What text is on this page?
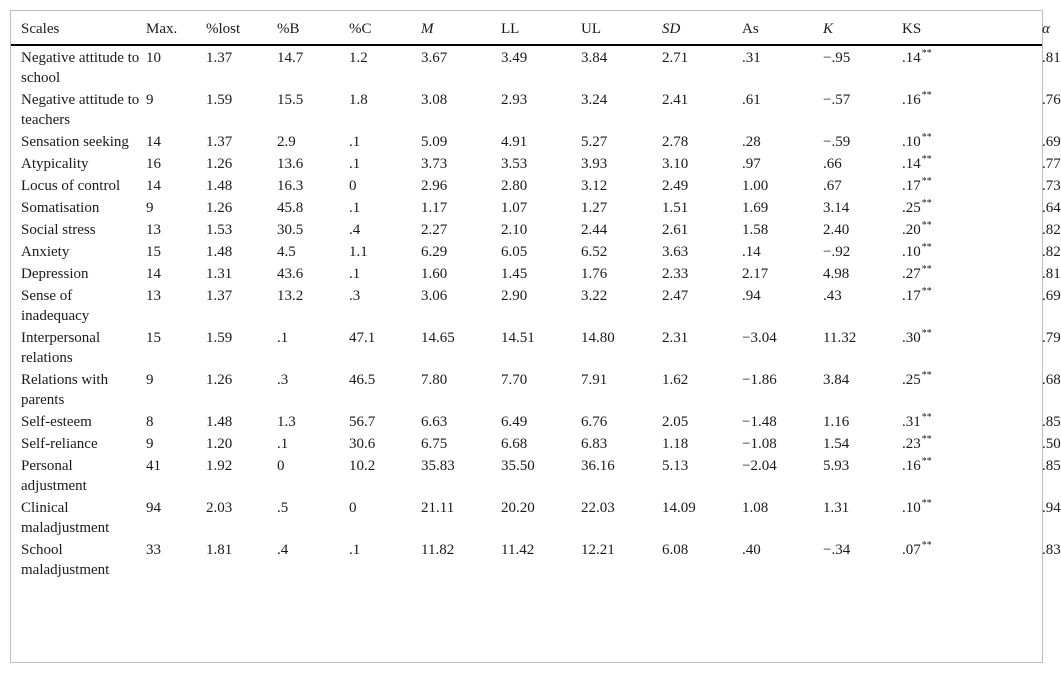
Scales	Max.	%lost	%B	%C	M	LL	UL	SD	As	K	KS	α
Negative attitude to school	10	1.37	14.7	1.2	3.67	3.49	3.84	2.71	.31	−.95	.14**	.81
Negative attitude to teachers	9	1.59	15.5	1.8	3.08	2.93	3.24	2.41	.61	−.57	.16**	.76
Sensation seeking	14	1.37	2.9	.1	5.09	4.91	5.27	2.78	.28	−.59	.10**	.69
Atypicality	16	1.26	13.6	.1	3.73	3.53	3.93	3.10	.97	.66	.14**	.77
Locus of control	14	1.48	16.3	0	2.96	2.80	3.12	2.49	1.00	.67	.17**	.73
Somatisation	9	1.26	45.8	.1	1.17	1.07	1.27	1.51	1.69	3.14	.25**	.64
Social stress	13	1.53	30.5	.4	2.27	2.10	2.44	2.61	1.58	2.40	.20**	.82
Anxiety	15	1.48	4.5	1.1	6.29	6.05	6.52	3.63	.14	−.92	.10**	.82
Depression	14	1.31	43.6	.1	1.60	1.45	1.76	2.33	2.17	4.98	.27**	.81
Sense of inadequacy	13	1.37	13.2	.3	3.06	2.90	3.22	2.47	.94	.43	.17**	.69
Interpersonal relations	15	1.59	.1	47.1	14.65	14.51	14.80	2.31	−3.04	11.32	.30**	.79
Relations with parents	9	1.26	.3	46.5	7.80	7.70	7.91	1.62	−1.86	3.84	.25**	.68
Self-esteem	8	1.48	1.3	56.7	6.63	6.49	6.76	2.05	−1.48	1.16	.31**	.85
Self-reliance	9	1.20	.1	30.6	6.75	6.68	6.83	1.18	−1.08	1.54	.23**	.50
Personal adjustment	41	1.92	0	10.2	35.83	35.50	36.16	5.13	−2.04	5.93	.16**	.85
Clinical maladjustment	94	2.03	.5	0	21.11	20.20	22.03	14.09	1.08	1.31	.10**	.94
School maladjustment	33	1.81	.4	.1	11.82	11.42	12.21	6.08	.40	−.34	.07**	.83
